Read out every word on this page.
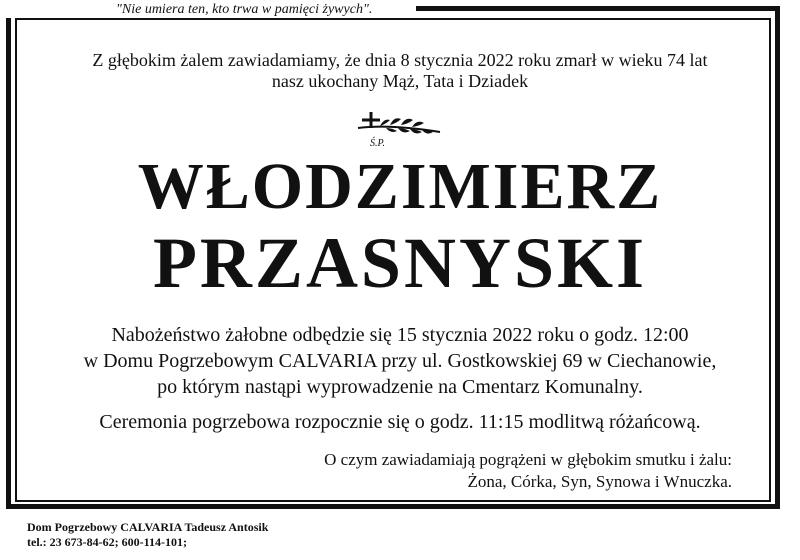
"Nie umiera ten, kto trwa w pamięci żywych".
Z głębokim żalem zawiadamiamy, że dnia 8 stycznia 2022 roku zmarł w wieku 74 lat
nasz ukochany Mąż, Tata i Dziadek
Ś.P.
WŁODZIMIERZ
PRZASNYSKI
Nabożeństwo żałobne odbędzie się 15 stycznia 2022 roku o godz. 12:00
w Domu Pogrzebowym CALVARIA przy ul. Gostkowskiej 69 w Ciechanowie,
po którym nastąpi wyprowadzenie na Cmentarz Komunalny.
Ceremonia pogrzebowa rozpocznie się o godz. 11:15 modlitwą różańcową.
O czym zawiadamiają pogrążeni w głębokim smutku i żalu:
Żona, Córka, Syn, Synowa i Wnuczka.
Dom Pogrzebowy CALVARIA Tadeusz Antosik
tel.: 23 673-84-62; 600-114-101;
